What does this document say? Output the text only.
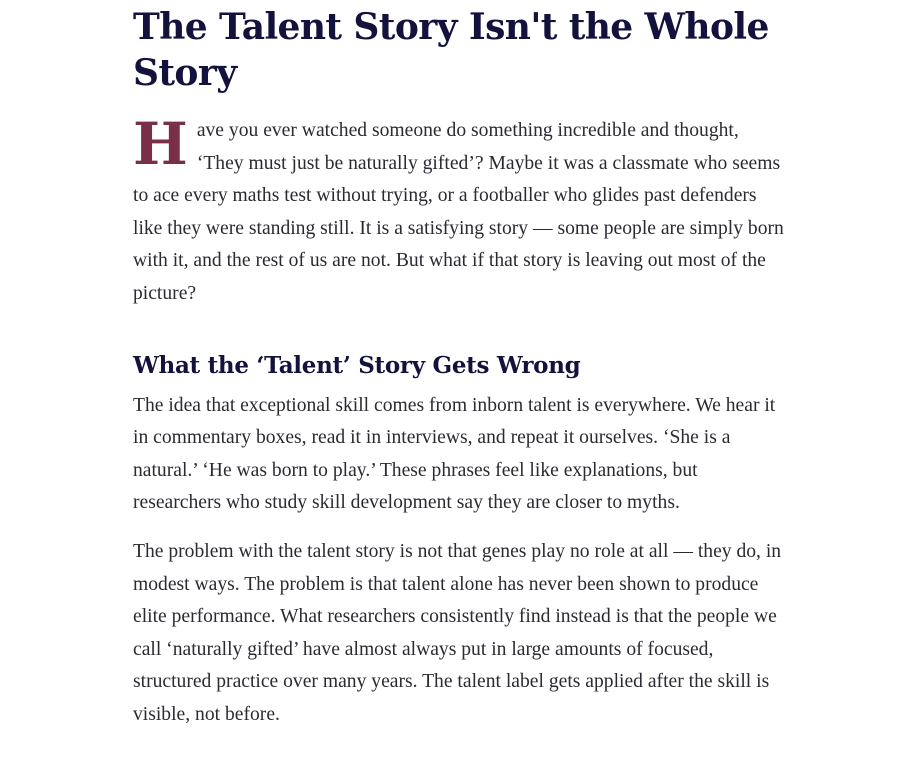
The Talent Story Isn't the Whole Story

Have you ever watched someone do something incredible and thought, ‘They must just be naturally gifted’? Maybe it was a classmate who seems to ace every maths test without trying, or a footballer who glides past defenders like they were standing still. It is a satisfying story — some people are simply born with it, and the rest of us are not. But what if that story is leaving out most of the picture?

What the ‘Talent’ Story Gets Wrong

The idea that exceptional skill comes from inborn talent is everywhere. We hear it in commentary boxes, read it in interviews, and repeat it ourselves. ‘She is a natural.’ ‘He was born to play.’ These phrases feel like explanations, but researchers who study skill development say they are closer to myths.

The problem with the talent story is not that genes play no role at all — they do, in modest ways. The problem is that talent alone has never been shown to produce elite performance. What researchers consistently find instead is that the people we call ‘naturally gifted’ have almost always put in large amounts of focused, structured practice over many years. The talent label gets applied after the skill is visible, not before.
